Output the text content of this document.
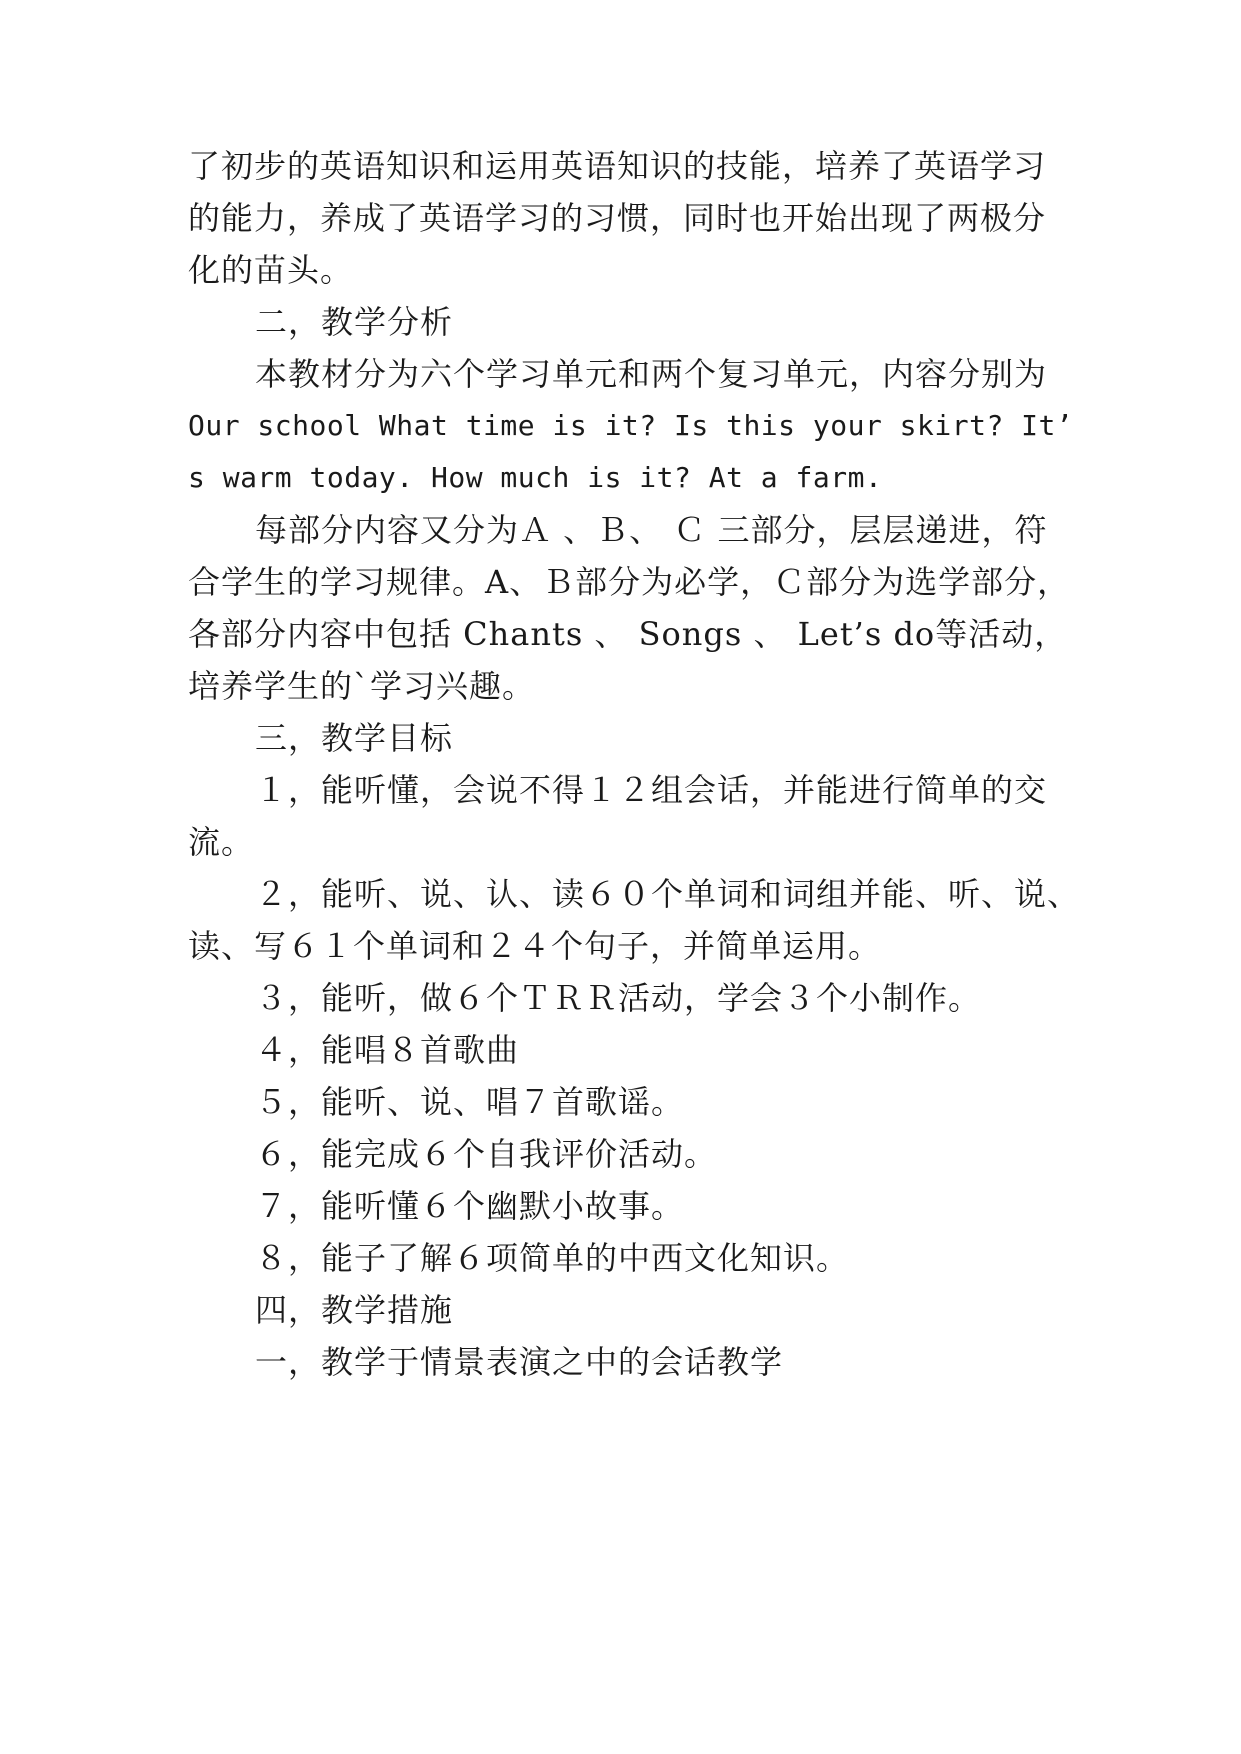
了初步的英语知识和运用英语知识的技能，培养了英语学习

的能力，养成了英语学习的习惯，同时也开始出现了两极分

化的苗头。

二，教学分析

本教材分为六个学习单元和两个复习单元，内容分别为

Our school What time is it? Is this your skirt? It’

s warm today. How much is it? At a farm.

每部分内容又分为Ａ 、Ｂ、 Ｃ 三部分，层层递进，符

合学生的学习规律。A、Ｂ部分为必学，Ｃ部分为选学部分，

各部分内容中包括 Chants 、 Songs 、 Let’s do等活动，

培养学生的`学习兴趣。

三，教学目标

１，能听懂，会说不得１２组会话，并能进行简单的交

流。

２，能听、说、认、读６０个单词和词组并能、听、说、

读、写６１个单词和２４个句子，并简单运用。

３，能听，做６个ＴＲＲ活动，学会３个小制作。

４，能唱８首歌曲

５，能听、说、唱７首歌谣。

６，能完成６个自我评价活动。

７，能听懂６个幽默小故事。

８，能子了解６项简单的中西文化知识。

四，教学措施

一，教学于情景表演之中的会话教学
